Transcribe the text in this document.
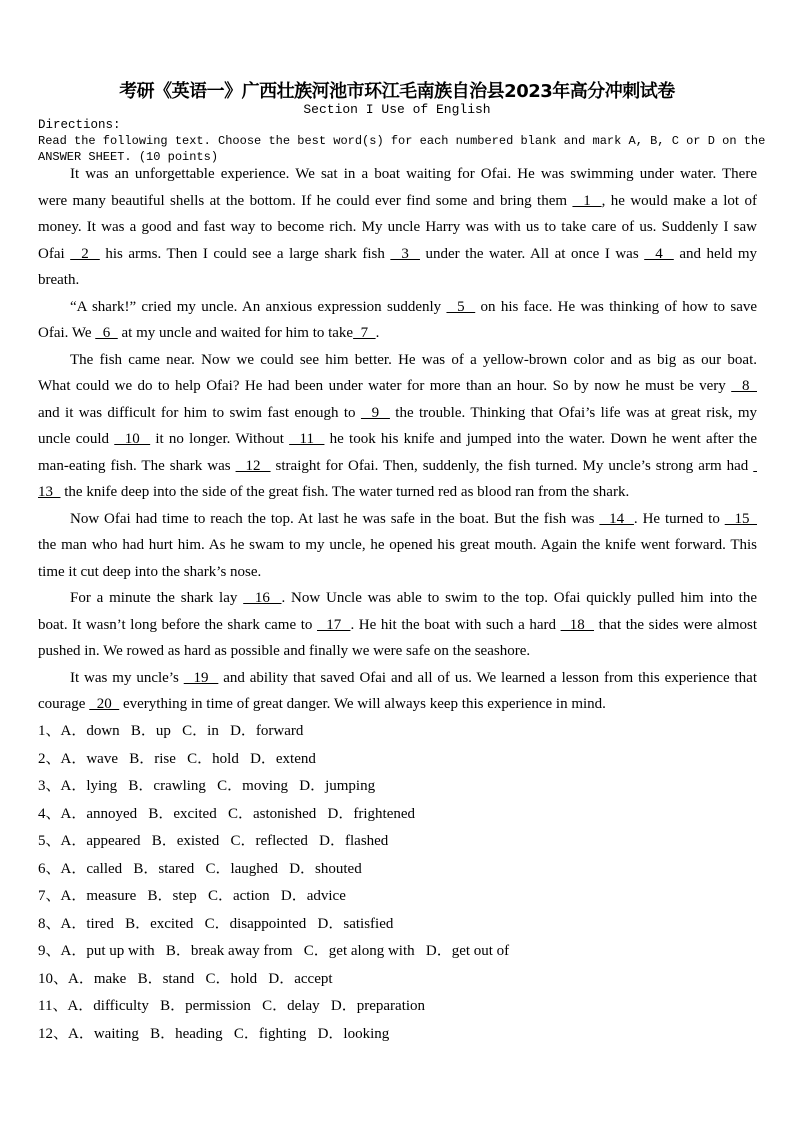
考研《英语一》广西壮族河池市环江毛南族自治县2023年高分冲刺试卷
Section I Use of English
Directions:
Read the following text. Choose the best word(s) for each numbered blank and mark A, B, C or D on the
ANSWER SHEET. (10 points)
It was an unforgettable experience. We sat in a boat waiting for Ofai. He was swimming under water. There
were many beautiful shells at the bottom. If he could ever find some and bring them   1  , he would make a lot of
money. It was a good and fast way to become rich. My uncle Harry was with us to take care of us. Suddenly I saw
Ofai   2   his arms. Then I could see a large shark fish   3   under the water. All at once I was   4   and held my
breath.
“A shark!” cried my uncle. An anxious expression suddenly   5   on his face. He was thinking of how to save
Ofai. We   6   at my uncle and waited for him to take  7  .
The fish came near. Now we could see him better. He was of a yellow-brown color and as big as our boat.
What could we do to help Ofai? He had been under water for more than an hour. So by now he must be very   8
and it was difficult for him to swim fast enough to   9   the trouble. Thinking that Ofai’s life was at great risk, my
uncle could   10   it no longer. Without   11   he took his knife and jumped into the water. Down he went after the
man-eating fish. The shark was   12   straight for Ofai. Then, suddenly, the fish turned. My uncle’s strong arm had
13   the knife deep into the side of the great fish. The water turned red as blood ran from the shark.
Now Ofai had time to reach the top. At last he was safe in the boat. But the fish was   14  . He turned to   15
the man who had hurt him. As he swam to my uncle, he opened his great mouth. Again the knife went forward. This
time it cut deep into the shark’s nose.
For a minute the shark lay   16  . Now Uncle was able to swim to the top. Ofai quickly pulled him into the
boat. It wasn’t long before the shark came to   17  . He hit the boat with such a hard   18   that the sides were almost
pushed in. We rowed as hard as possible and finally we were safe on the seashore.
It was my uncle’s   19   and ability that saved Ofai and all of us. We learned a lesson from this experience that
courage   20   everything in time of great danger. We will always keep this experience in mind.
1、A．down   B．up   C．in   D．forward
2、A．wave   B．rise   C．hold   D．extend
3、A．lying   B．crawling   C．moving   D．jumping
4、A．annoyed   B．excited   C．astonished   D．frightened
5、A．appeared   B．existed   C．reflected   D．flashed
6、A．called   B．stared   C．laughed   D．shouted
7、A．measure   B．step   C．action   D．advice
8、A．tired   B．excited   C．disappointed   D．satisfied
9、A．put up with   B．break away from   C．get along with   D．get out of
10、A．make   B．stand   C．hold   D．accept
11、A．difficulty   B．permission   C．delay   D．preparation
12、A．waiting   B．heading   C．fighting   D．looking
